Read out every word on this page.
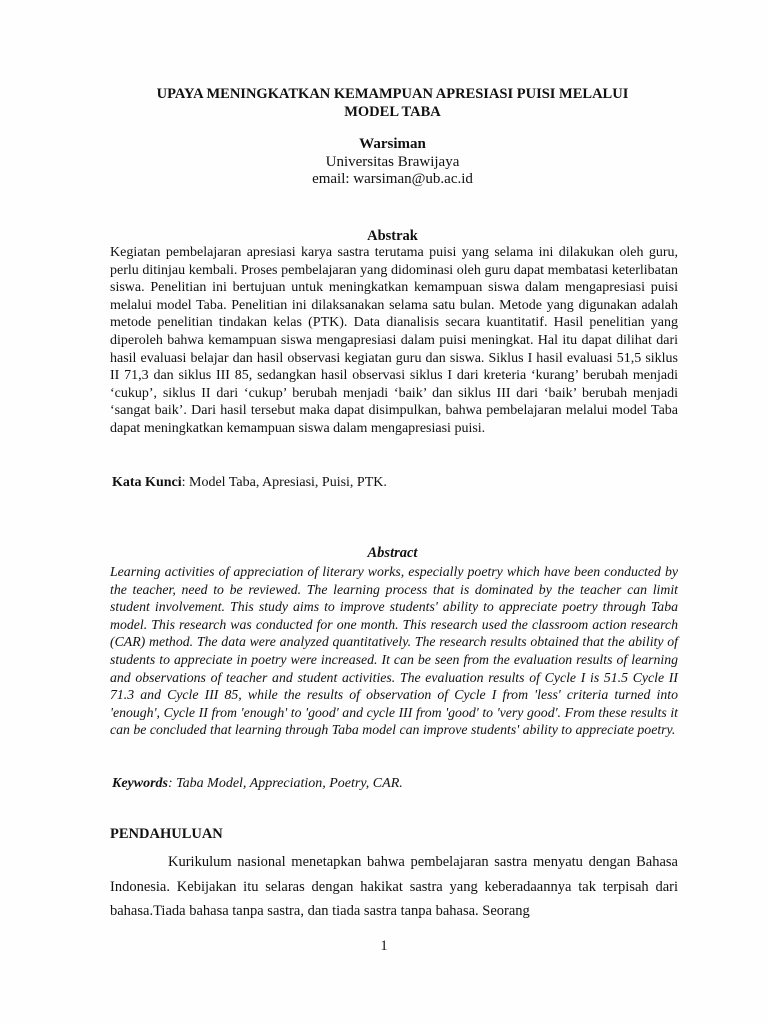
UPAYA MENINGKATKAN KEMAMPUAN APRESIASI PUISI MELALUI
MODEL TABA
Warsiman
Universitas Brawijaya
email: warsiman@ub.ac.id
Abstrak

Kegiatan pembelajaran apresiasi karya sastra terutama puisi yang selama ini dilakukan oleh guru, perlu ditinjau kembali. Proses pembelajaran yang didominasi oleh guru dapat membatasi keterlibatan siswa. Penelitian ini bertujuan untuk meningkatkan kemampuan siswa dalam mengapresiasi puisi melalui model Taba. Penelitian ini dilaksanakan selama satu bulan. Metode yang digunakan adalah metode penelitian tindakan kelas (PTK). Data dianalisis secara kuantitatif. Hasil penelitian yang diperoleh bahwa kemampuan siswa mengapresiasi dalam puisi meningkat. Hal itu dapat dilihat dari hasil evaluasi belajar dan hasil observasi kegiatan guru dan siswa. Siklus I hasil evaluasi 51,5 siklus II 71,3 dan siklus III 85, sedangkan hasil observasi siklus I dari kreteria ‘kurang’ berubah menjadi ‘cukup’, siklus II dari ‘cukup’ berubah menjadi ‘baik’ dan siklus III dari ‘baik’ berubah menjadi ‘sangat baik’. Dari hasil tersebut maka dapat disimpulkan, bahwa pembelajaran melalui model Taba dapat meningkatkan kemampuan siswa dalam mengapresiasi puisi.

Kata Kunci: Model Taba, Apresiasi, Puisi, PTK.

Abstract

Learning activities of appreciation of literary works, especially poetry which have been conducted by the teacher, need to be reviewed. The learning process that is dominated by the teacher can limit student involvement. This study aims to improve students' ability to appreciate poetry through Taba model. This research was conducted for one month. This research used the classroom action research (CAR) method. The data were analyzed quantitatively. The research results obtained that the ability of students to appreciate in poetry were increased. It can be seen from the evaluation results of learning and observations of teacher and student activities. The evaluation results of Cycle I is 51.5 Cycle II 71.3 and Cycle III 85, while the results of observation of Cycle I from 'less' criteria turned into 'enough', Cycle II from 'enough' to 'good' and cycle III from 'good' to 'very good'. From these results it can be concluded that learning through Taba model can improve students' ability to appreciate poetry.

Keywords: Taba Model, Appreciation, Poetry, CAR.

PENDAHULUAN

Kurikulum nasional menetapkan bahwa pembelajaran sastra menyatu dengan Bahasa Indonesia. Kebijakan itu selaras dengan hakikat sastra yang keberadaannya tak terpisah dari bahasa.Tiada bahasa tanpa sastra, dan tiada sastra tanpa bahasa. Seorang

1
